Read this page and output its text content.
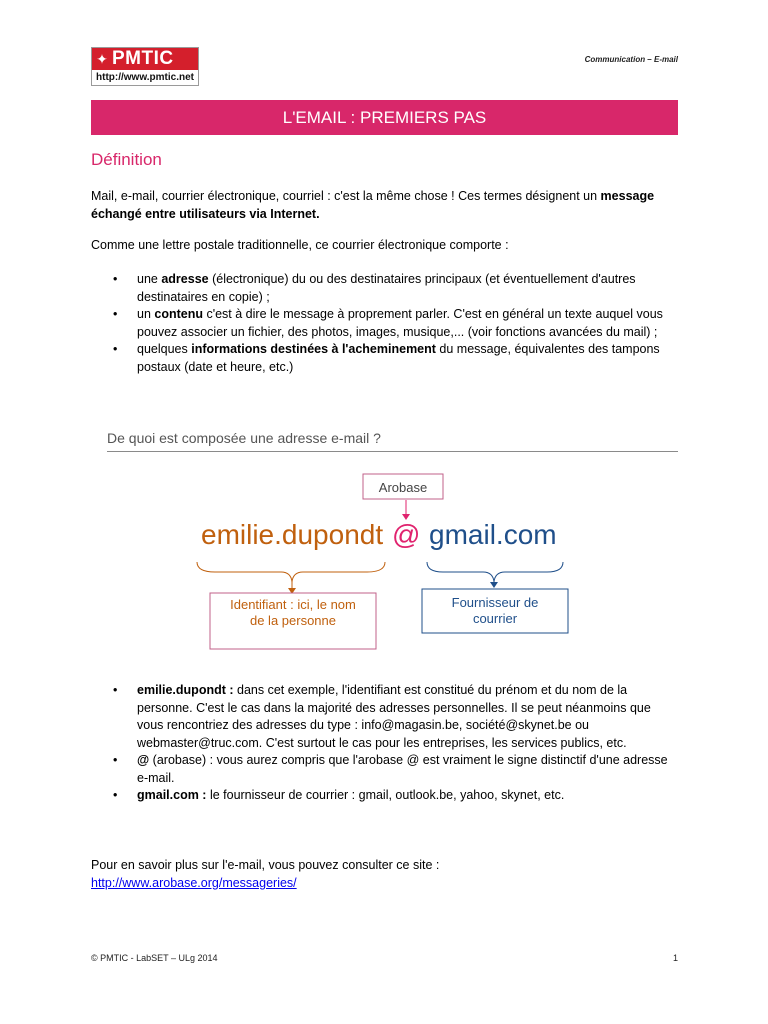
✦ PMTIC
http://www.pmtic.net
Communication – E-mail
L'EMAIL : PREMIERS PAS
Définition
Mail, e-mail, courrier électronique, courriel : c'est la même chose ! Ces termes désignent un message échangé entre utilisateurs via Internet.
Comme une lettre postale traditionnelle, ce courrier électronique comporte :
• une adresse (électronique) du ou des destinataires principaux (et éventuellement d'autres destinataires en copie) ;
• un contenu c'est à dire le message à proprement parler. C'est en général un texte auquel vous pouvez associer un fichier, des photos, images, musique,... (voir fonctions avancées du mail) ;
• quelques informations destinées à l'acheminement du message, équivalentes des tampons postaux (date et heure, etc.)
De quoi est composée une adresse e-mail ?
Arobase
emilie.dupondt @ gmail.com
Identifiant : ici, le nom de la personne
Fournisseur de courrier
• emilie.dupondt : dans cet exemple, l'identifiant est constitué du prénom et du nom de la personne. C'est le cas dans la majorité des adresses personnelles. Il se peut néanmoins que vous rencontriez des adresses du type : info@magasin.be, société@skynet.be ou webmaster@truc.com. C'est surtout le cas pour les entreprises, les services publics, etc.
• @ (arobase) : vous aurez compris que l'arobase @ est vraiment le signe distinctif d'une adresse e-mail.
• gmail.com : le fournisseur de courrier : gmail, outlook.be, yahoo, skynet, etc.
Pour en savoir plus sur l'e-mail, vous pouvez consulter ce site :
http://www.arobase.org/messageries/
© PMTIC - LabSET – ULg 2014	1
